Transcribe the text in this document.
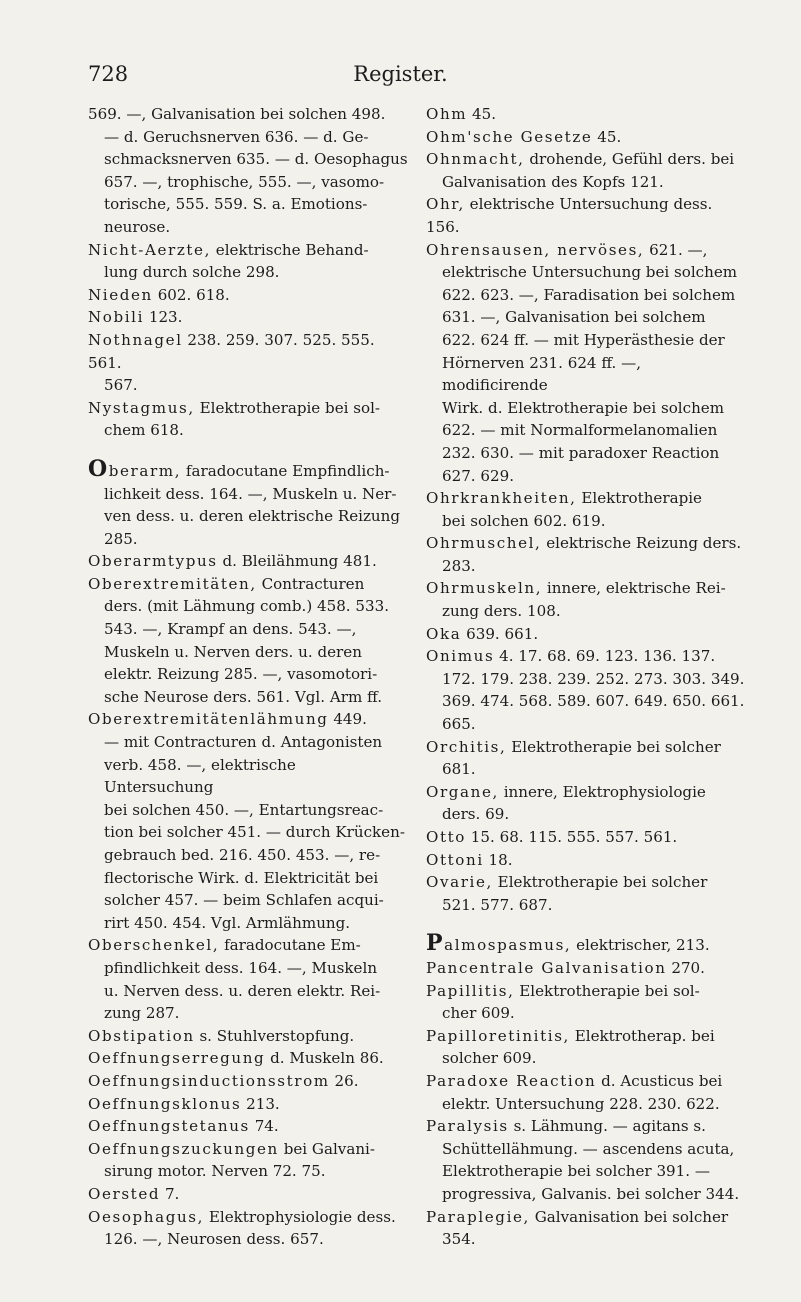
728	Register.
569. —, Galvanisation bei solchen 498.
— d. Geruchsnerven 636. — d. Ge-
schmacksnerven 635. — d. Oesophagus
657. —, trophische, 555. —, vasomo-
torische, 555. 559. S. a. Emotions-
neurose.
Nicht-Aerzte, elektrische Behand-
lung durch solche 298.
Nieden 602. 618.
Nobili 123.
Nothnagel 238. 259. 307. 525. 555. 561.
567.
Nystagmus, Elektrotherapie bei sol-
chem 618.
Oberarm, faradocutane Empfindlich-
lichkeit dess. 164. —, Muskeln u. Ner-
ven dess. u. deren elektrische Reizung
285.
Oberarmtypus d. Bleilähmung 481.
Oberextremitäten, Contracturen
ders. (mit Lähmung comb.) 458. 533.
543. —, Krampf an dens. 543. —,
Muskeln u. Nerven ders. u. deren
elektr. Reizung 285. —, vasomotori-
sche Neurose ders. 561. Vgl. Arm ff.
Oberextremitätenlähmung 449.
— mit Contracturen d. Antagonisten
verb. 458. —, elektrische Untersuchung
bei solchen 450. —, Entartungsreac-
tion bei solcher 451. — durch Krücken-
gebrauch bed. 216. 450. 453. —, re-
flectorische Wirk. d. Elektricität bei
solcher 457. — beim Schlafen acqui-
rirt 450. 454. Vgl. Armlähmung.
Oberschenkel, faradocutane Em-
pfindlichkeit dess. 164. —, Muskeln
u. Nerven dess. u. deren elektr. Rei-
zung 287.
Obstipation s. Stuhlverstopfung.
Oeffnungserregung d. Muskeln 86.
Oeffnungsinductionsstrom 26.
Oeffnungsklonus 213.
Oeffnungstetanus 74.
Oeffnungszuckungen bei Galvani-
sirung motor. Nerven 72. 75.
Oersted 7.
Oesophagus, Elektrophysiologie dess.
126. —, Neurosen dess. 657.
Ohm 45.
Ohm'sche Gesetze 45.
Ohnmacht, drohende, Gefühl ders. bei
Galvanisation des Kopfs 121.
Ohr, elektrische Untersuchung dess. 156.
Ohrensausen, nervöses, 621. —,
elektrische Untersuchung bei solchem
622. 623. —, Faradisation bei solchem
631. —, Galvanisation bei solchem
622. 624 ff. — mit Hyperästhesie der
Hörnerven 231. 624 ff. —, modificirende
Wirk. d. Elektrotherapie bei solchem
622. — mit Normalformelanomalien
232. 630. — mit paradoxer Reaction
627. 629.
Ohrkrankheiten, Elektrotherapie
bei solchen 602. 619.
Ohrmuschel, elektrische Reizung ders.
283.
Ohrmuskeln, innere, elektrische Rei-
zung ders. 108.
Oka 639. 661.
Onimus 4. 17. 68. 69. 123. 136. 137.
172. 179. 238. 239. 252. 273. 303. 349.
369. 474. 568. 589. 607. 649. 650. 661.
665.
Orchitis, Elektrotherapie bei solcher
681.
Organe, innere, Elektrophysiologie
ders. 69.
Otto 15. 68. 115. 555. 557. 561.
Ottoni 18.
Ovarie, Elektrotherapie bei solcher
521. 577. 687.
Palmospasmus, elektrischer, 213.
Pancentrale Galvanisation 270.
Papillitis, Elektrotherapie bei sol-
cher 609.
Papilloretinitis, Elektrotherap. bei
solcher 609.
Paradoxe Reaction d. Acusticus bei
elektr. Untersuchung 228. 230. 622.
Paralysis s. Lähmung. — agitans s.
Schüttellähmung. — ascendens acuta,
Elektrotherapie bei solcher 391. —
progressiva, Galvanis. bei solcher 344.
Paraplegie, Galvanisation bei solcher
354.
